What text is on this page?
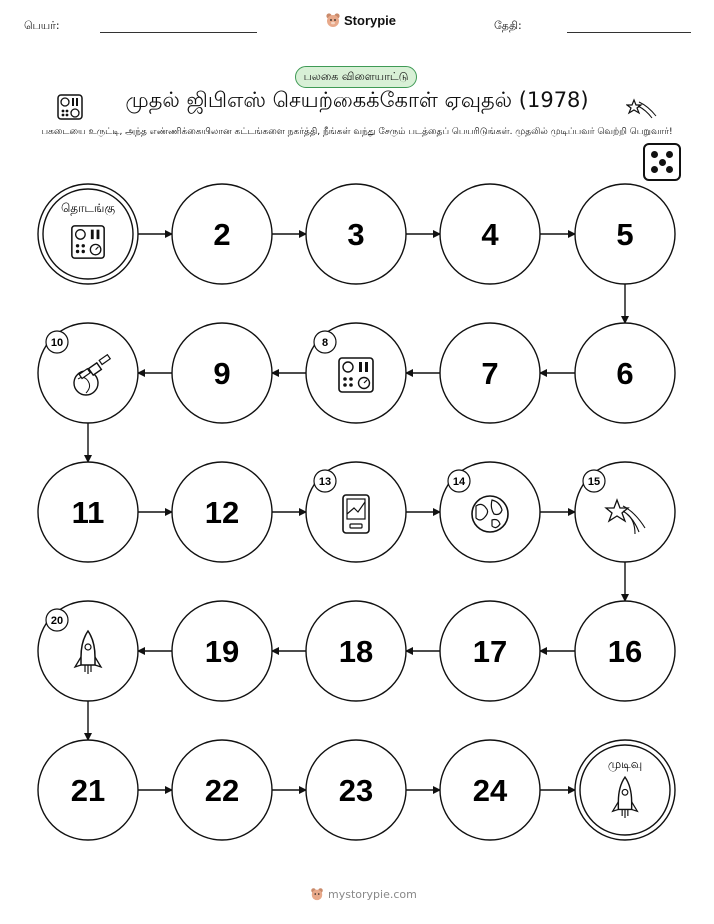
பெயர்:	Storypie	தேதி:
பலகை விளையாட்டு
முதல் ஜிபிஎஸ் செயற்கைக்கோள் ஏவுதல் (1978)
பகடையை உருட்டி, அந்த எண்ணிக்கையிலான கட்டங்களை நகர்த்தி, நீங்கள் வந்து சேரும் படத்தைப் பெயரிடுங்கள். முதலில் முடிப்பவர் வெற்றி பெறுவார்!
தொடங்கு
2	3	4	5
6
7
8
9
10
11	12
13	14	15
16
17
18
19
20
21	22	23	24
முடிவு
mystorypie.com
